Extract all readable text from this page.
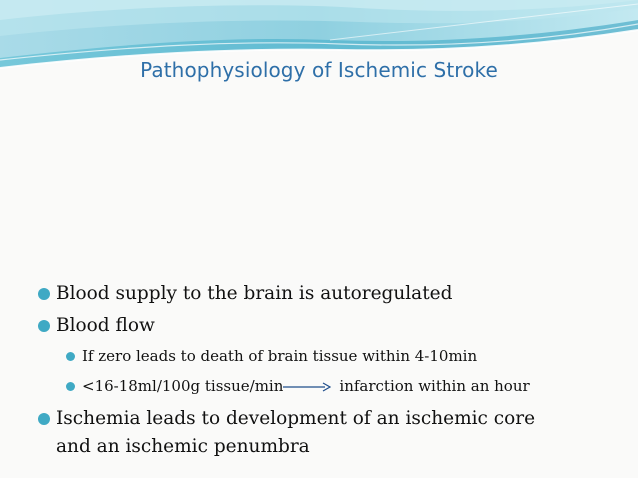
Pathophysiology of Ischemic Stroke
Blood supply to the brain is autoregulated
Blood flow
If zero leads to death of brain tissue within 4-10min
<16-18ml/100g tissue/min	infarction within an hour
Ischemia leads to development of an ischemic core
and an ischemic penumbra
